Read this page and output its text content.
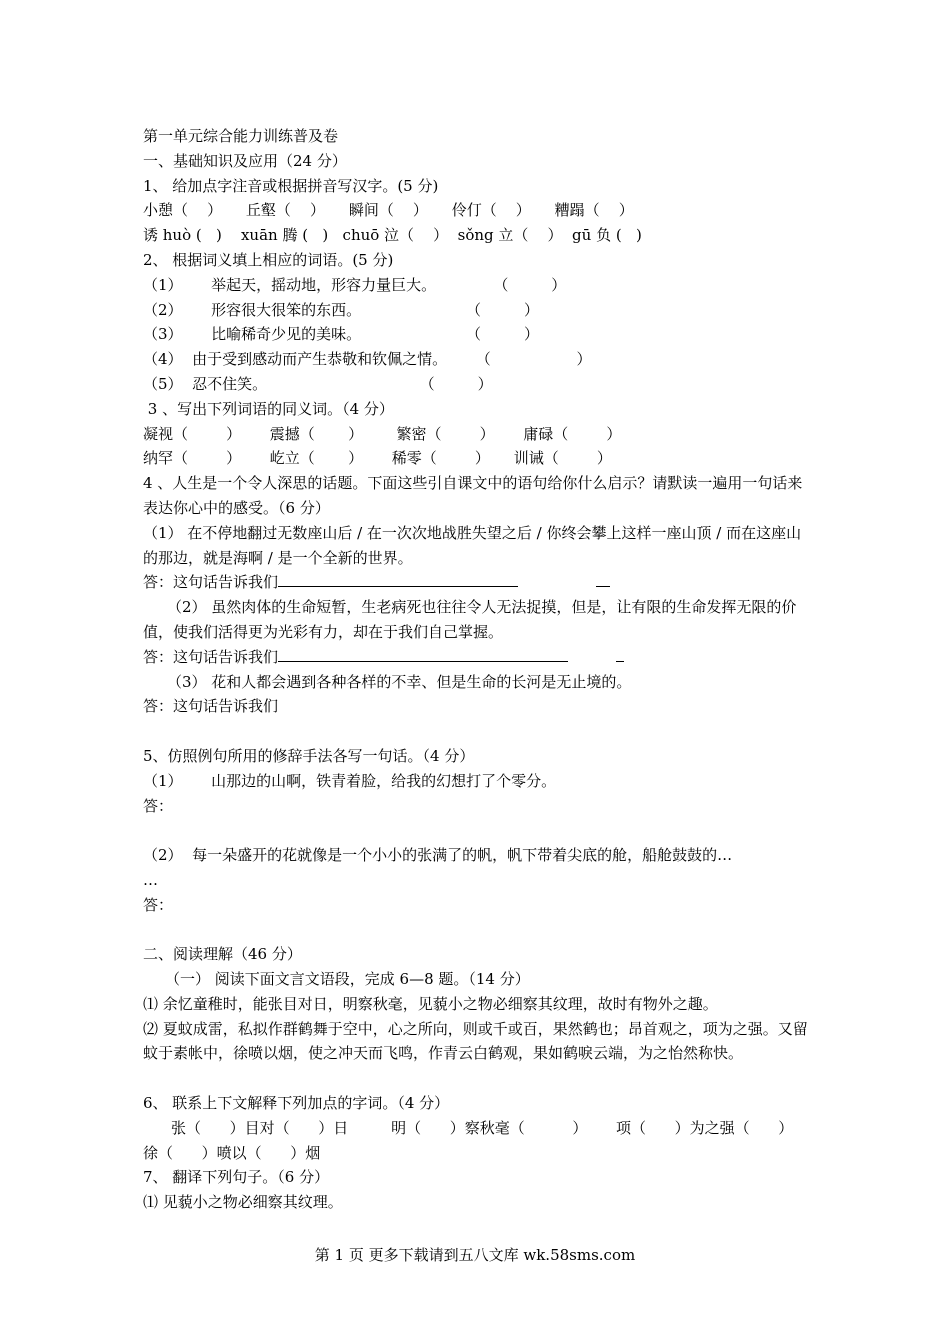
第一单元综合能力训练普及卷
一、基础知识及应用（24 分）
1、 给加点字注音或根据拼音写汉字。(5 分)
小憩（    ）     丘壑（    ）     瞬间（    ）     伶仃（    ）     糟蹋（    ）
诱 huò (   )    xuān 腾 (   )   chuō 泣（    ）  sǒng 立（    ）  gū 负 (   )
2、 根据词义填上相应的词语。(5 分)
（1）      举起天，摇动地，形容力量巨大。            （         ）
（2）      形容很大很笨的东西。                      （         ）
（3）      比喻稀奇少见的美味。                      （         ）
（4）  由于受到感动而产生恭敬和钦佩之情。      （                  ）
（5）  忍不住笑。                                （         ）
3 、写出下列词语的同义词。（4 分）
凝视（        ）      震撼（       ）       繁密（        ）      庸碌（        ）
纳罕（        ）      屹立（       ）      稀零（        ）     训诫（        ）
4 、人生是一个令人深思的话题。下面这些引自课文中的语句给你什么启示？请默读一遍用一句话来表达你心中的感受。（6 分）
（1） 在不停地翻过无数座山后 / 在一次次地战胜失望之后 / 你终会攀上这样一座山顶 / 而在这座山的那边，就是海啊 / 是一个全新的世界。
答：这句话告诉我们
（2） 虽然肉体的生命短暂，生老病死也往往令人无法捉摸，但是，让有限的生命发挥无限的价值，使我们活得更为光彩有力，却在于我们自己掌握。
答：这句话告诉我们
（3） 花和人都会遇到各种各样的不幸、但是生命的长河是无止境的。
答：这句话告诉我们
5、仿照例句所用的修辞手法各写一句话。（4 分）
（1）      山那边的山啊，铁青着脸，给我的幻想打了个零分。
答：
（2）  每一朵盛开的花就像是一个小小的张满了的帆，帆下带着尖底的舱，船舱鼓鼓的…
…
答：
二、阅读理解（46 分）
（一） 阅读下面文言文语段，完成 6—8 题。（14 分）
⑴ 余忆童稚时，能张目对日，明察秋毫，见藐小之物必细察其纹理，故时有物外之趣。
⑵ 夏蚊成雷，私拟作群鹤舞于空中，心之所向，则或千或百，果然鹤也；昂首观之，项为之强。又留蚊于素帐中，徐喷以烟，使之冲天而飞鸣，作青云白鹤观，果如鹤唳云端，为之怡然称快。
6、 联系上下文解释下列加点的字词。（4 分）
张（      ）目对（      ）日         明（      ）察秋毫（          ）      项（      ）为之强（      ）
徐（      ）喷以（      ）烟
7、 翻译下列句子。（6 分）
⑴ 见藐小之物必细察其纹理。
第 1 页 更多下载请到五八文库 wk.58sms.com
